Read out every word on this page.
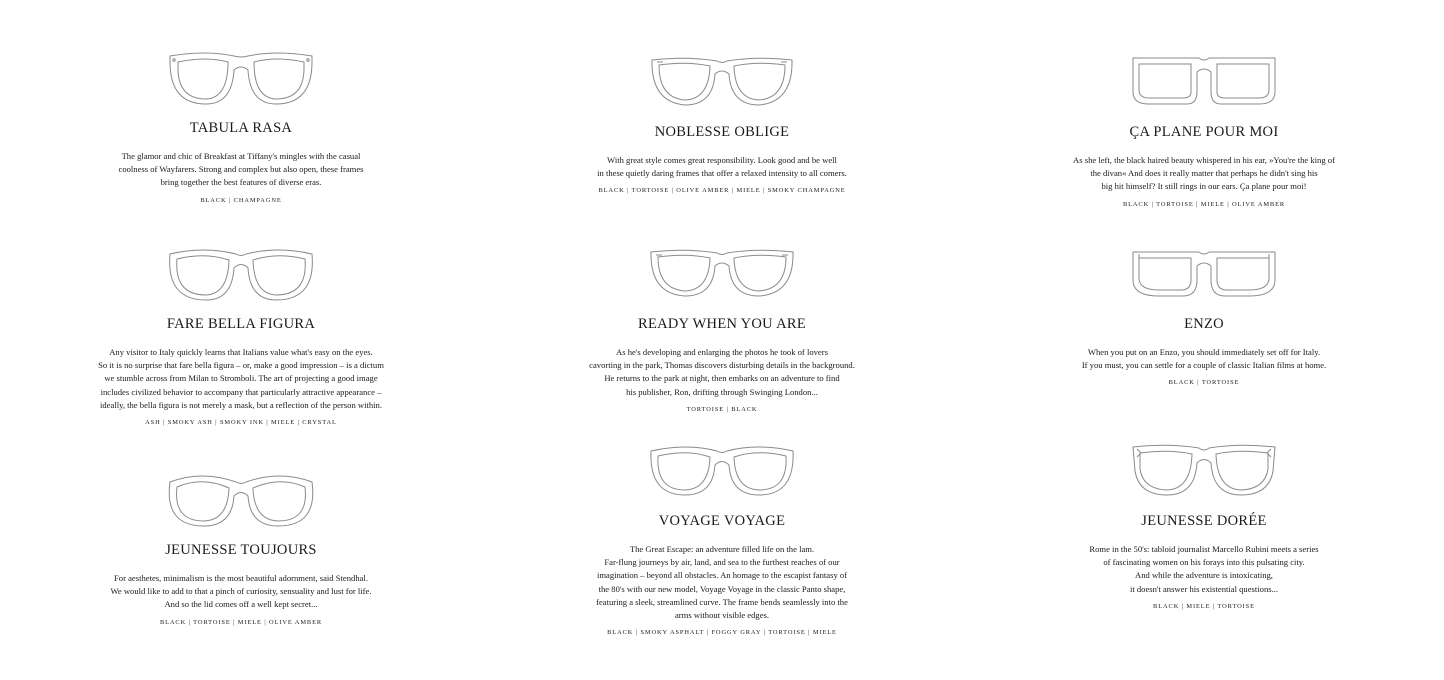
TABULA RASA

The glamor and chic of Breakfast at Tiffany's mingles with the casual
coolness of Wayfarers. Strong and complex but also open, these frames
bring together the best features of diverse eras.

BLACK | CHAMPAGNE
NOBLESSE OBLIGE

With great style comes great responsibility. Look good and be well
in these quietly daring frames that offer a relaxed intensity to all comers.

BLACK | TORTOISE | OLIVE AMBER | MIELE | SMOKY CHAMPAGNE
ÇA PLANE POUR MOI

As she left, the black haired beauty whispered in his ear, »You're the king of
the divan« And does it really matter that perhaps he didn't sing his
big hit himself? It still rings in our ears. Ça plane pour moi!

BLACK | TORTOISE | MIELE | OLIVE AMBER
FARE BELLA FIGURA

Any visitor to Italy quickly learns that Italians value what's easy on the eyes.
So it is no surprise that fare bella figura – or, make a good impression – is a dictum
we stumble across from Milan to Stromboli. The art of projecting a good image
includes civilized behavior to accompany that particularly attractive appearance –
ideally, the bella figura is not merely a mask, but a reflection of the person within.

ASH | SMOKY ASH | SMOKY INK | MIELE | CRYSTAL
READY WHEN YOU ARE

As he's developing and enlarging the photos he took of lovers
cavorting in the park, Thomas discovers disturbing details in the background.
He returns to the park at night, then embarks on an adventure to find
his publisher, Ron, drifting through Swinging London...

TORTOISE | BLACK
ENZO

When you put on an Enzo, you should immediately set off for Italy.
If you must, you can settle for a couple of classic Italian films at home.

BLACK | TORTOISE
JEUNESSE TOUJOURS

For aesthetes, minimalism is the most beautiful adornment, said Stendhal.
We would like to add to that a pinch of curiosity, sensuality and lust for life.
And so the lid comes off a well kept secret...

BLACK | TORTOISE | MIELE | OLIVE AMBER
VOYAGE VOYAGE

The Great Escape: an adventure filled life on the lam.
Far-flung journeys by air, land, and sea to the furthest reaches of our
imagination – beyond all obstacles. An homage to the escapist fantasy of
the 80's with our new model, Voyage Voyage in the classic Panto shape,
featuring a sleek, streamlined curve. The frame bends seamlessly into the
arms without visible edges.

BLACK | SMOKY ASPHALT | FOGGY GRAY | TORTOISE | MIELE
JEUNESSE DORÉE

Rome in the 50's: tabloid journalist Marcello Rubini meets a series
of fascinating women on his forays into this pulsating city.
And while the adventure is intoxicating,
it doesn't answer his existential questions...

BLACK | MIELE | TORTOISE
